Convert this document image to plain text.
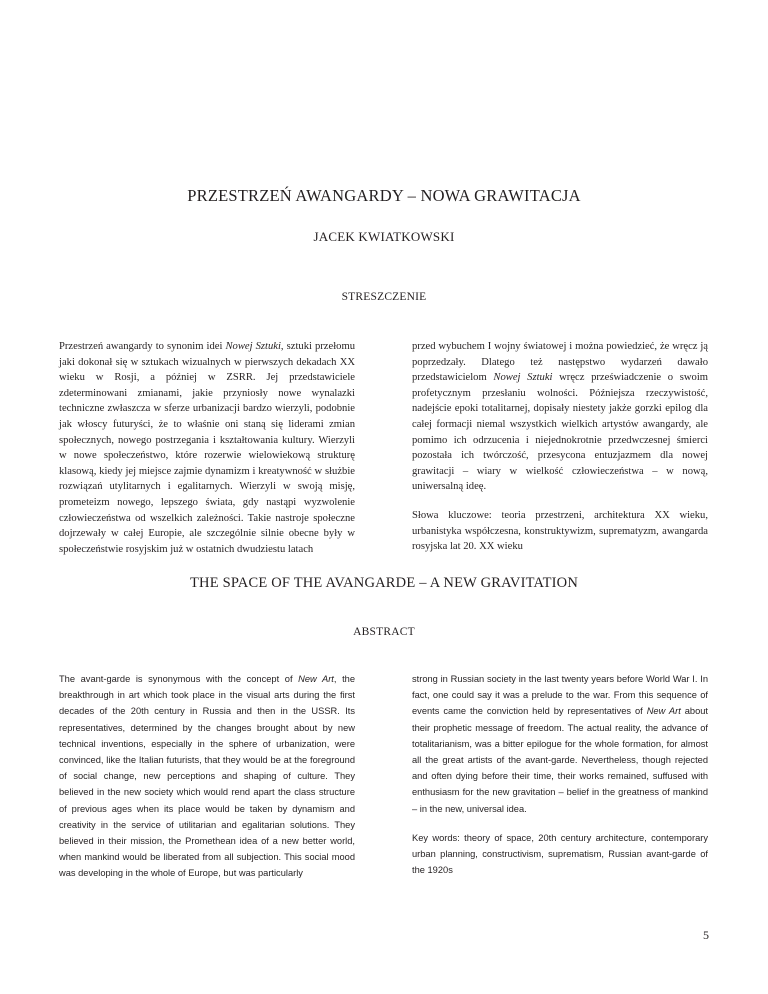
PRZESTRZEŃ AWANGARDY – NOWA GRAWITACJA
JACEK KWIATKOWSKI
STRESZCZENIE

Przestrzeń awangardy to synonim idei Nowej Sztuki, sztuki przełomu jaki dokonał się w sztukach wizualnych w pierwszych dekadach XX wieku w Rosji, a później w ZSRR. Jej przedstawiciele zdeterminowani zmianami, jakie przyniosły nowe wynalazki techniczne zwłaszcza w sferze urbanizacji bardzo wierzyli, podobnie jak włoscy futuryści, że to właśnie oni staną się liderami zmian społecznych, nowego postrzegania i kształtowania kultury. Wierzyli w nowe społeczeństwo, które rozerwie wielowiekową strukturę klasową, kiedy jej miejsce zajmie dynamizm i kreatywność w służbie rozwiązań utylitarnych i egalitarnych. Wierzyli w swoją misję, prometeizm nowego, lepszego świata, gdy nastąpi wyzwolenie człowieczeństwa od wszelkich zależności. Takie nastroje społeczne dojrzewały w całej Europie, ale szczególnie silnie obecne były w społeczeństwie rosyjskim już w ostatnich dwudziestu latach

przed wybuchem I wojny światowej i można powiedzieć, że wręcz ją poprzedzały. Dlatego też następstwo wydarzeń dawało przedstawicielom Nowej Sztuki wręcz przeświadczenie o swoim profetycznym przesłaniu wolności. Późniejsza rzeczywistość, nadejście epoki totalitarnej, dopisały niestety jakże gorzki epilog dla całej formacji niemal wszystkich wielkich artystów awangardy, ale pomimo ich odrzucenia i niejednokrotnie przedwczesnej śmierci pozostała ich twórczość, przesycona entuzjazmem dla nowej grawitacji – wiary w wielkość człowieczeństwa – w nową, uniwersalną ideę.

Słowa kluczowe: teoria przestrzeni, architektura XX wieku, urbanistyka współczesna, konstruktywizm, suprematyzm, awangarda rosyjska lat 20. XX wieku

THE SPACE OF THE AVANGARDE – A NEW GRAVITATION
ABSTRACT

The avant-garde is synonymous with the concept of New Art, the breakthrough in art which took place in the visual arts during the first decades of the 20th century in Russia and then in the USSR. Its representatives, determined by the changes brought about by new technical inventions, especially in the sphere of urbanization, were convinced, like the Italian futurists, that they would be at the foreground of social change, new perceptions and shaping of culture. They believed in the new society which would rend apart the class structure of previous ages when its place would be taken by dynamism and creativity in the service of utilitarian and egalitarian solutions. They believed in their mission, the Promethean idea of a new better world, when mankind would be liberated from all subjection. This social mood was developing in the whole of Europe, but was particularly

strong in Russian society in the last twenty years before World War I. In fact, one could say it was a prelude to the war. From this sequence of events came the conviction held by representatives of New Art about their prophetic message of freedom. The actual reality, the advance of totalitarianism, was a bitter epilogue for the whole formation, for almost all the great artists of the avant-garde. Nevertheless, though rejected and often dying before their time, their works remained, suffused with enthusiasm for the new gravitation – belief in the greatness of mankind – in the new, universal idea.

Key words: theory of space, 20th century architecture, contemporary urban planning, constructivism, suprematism, Russian avant-garde of the 1920s

5
